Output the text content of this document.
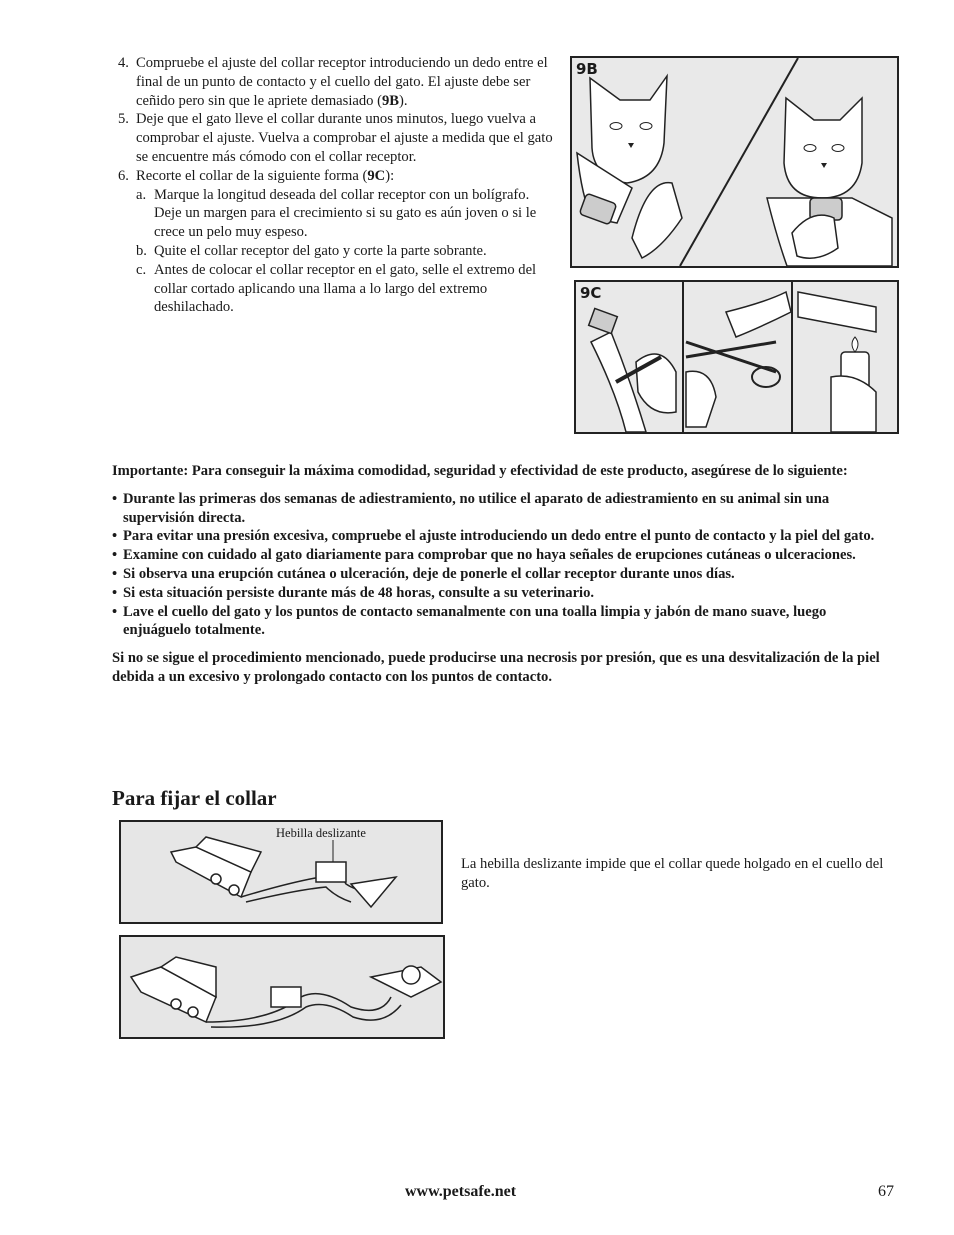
4. Compruebe el ajuste del collar receptor introduciendo un dedo entre el final de un punto de contacto y el cuello del gato. El ajuste debe ser ceñido pero sin que le apriete demasiado (9B).
5. Deje que el gato lleve el collar durante unos minutos, luego vuelva a comprobar el ajuste. Vuelva a comprobar el ajuste a medida que el gato se encuentre más cómodo con el collar receptor.
6. Recorte el collar de la siguiente forma (9C):
a. Marque la longitud deseada del collar receptor con un bolígrafo. Deje un margen para el crecimiento si su gato es aún joven o si le crece un pelo muy espeso.
b. Quite el collar receptor del gato y corte la parte sobrante.
c. Antes de colocar el collar receptor en el gato, selle el extremo del collar cortado aplicando una llama a lo largo del extremo deshilachado.
9B
9C

Importante: Para conseguir la máxima comodidad, seguridad y efectividad de este producto, asegúrese de lo siguiente:

• Durante las primeras dos semanas de adiestramiento, no utilice el aparato de adiestramiento en su animal sin una supervisión directa.
• Para evitar una presión excesiva, compruebe el ajuste introduciendo un dedo entre el punto de contacto y la piel del gato.
• Examine con cuidado al gato diariamente para comprobar que no haya señales de erupciones cutáneas o ulceraciones.
• Si observa una erupción cutánea o ulceración, deje de ponerle el collar receptor durante unos días.
• Si esta situación persiste durante más de 48 horas, consulte a su veterinario.
• Lave el cuello del gato y los puntos de contacto semanalmente con una toalla limpia y jabón de mano suave, luego enjuáguelo totalmente.

Si no se sigue el procedimiento mencionado, puede producirse una necrosis por presión, que es una desvitalización de la piel debida a un excesivo y prolongado contacto con los puntos de contacto.

Para fijar el collar
Hebilla deslizante
La hebilla deslizante impide que el collar quede holgado en el cuello del gato.
www.petsafe.net	67
